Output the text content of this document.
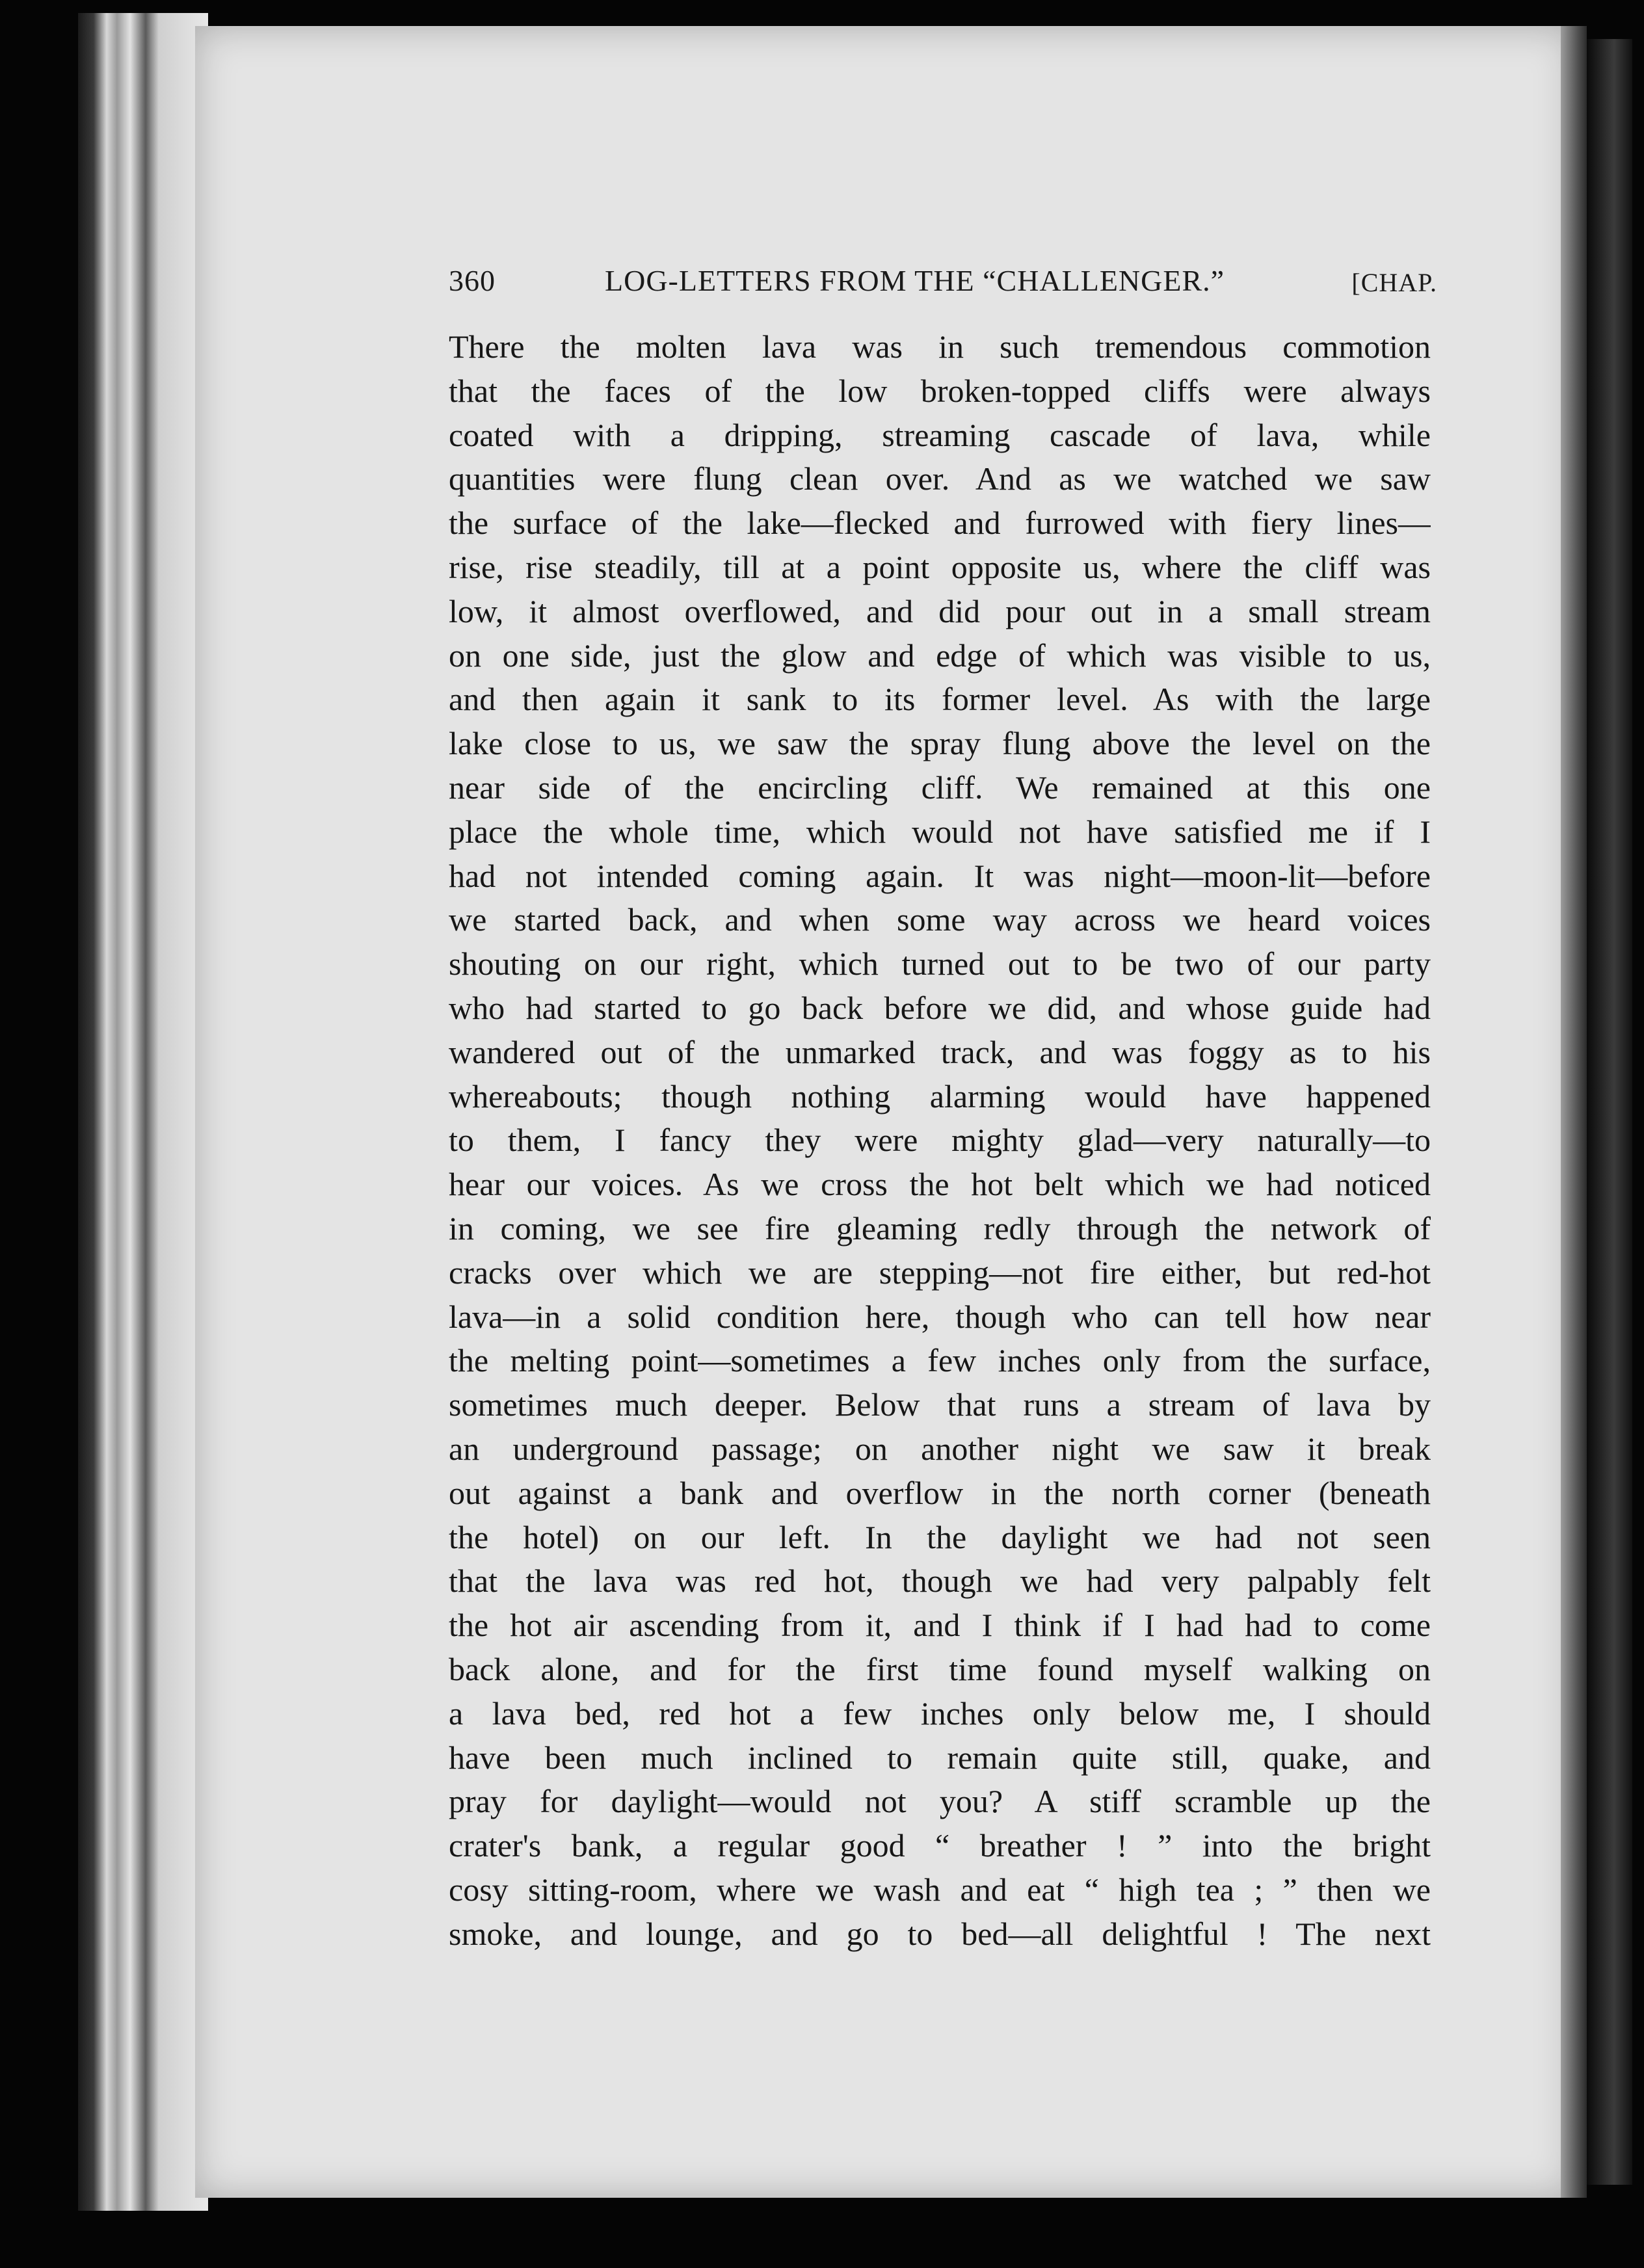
360	LOG-LETTERS FROM THE “CHALLENGER.”	[CHAP.
There the molten lava was in such tremendous commotion
that the faces of the low broken-topped cliffs were always
coated with a dripping, streaming cascade of lava, while
quantities were flung clean over. And as we watched we saw
the surface of the lake—flecked and furrowed with fiery lines—
rise, rise steadily, till at a point opposite us, where the cliff was
low, it almost overflowed, and did pour out in a small stream
on one side, just the glow and edge of which was visible to us,
and then again it sank to its former level. As with the large
lake close to us, we saw the spray flung above the level on the
near side of the encircling cliff. We remained at this one
place the whole time, which would not have satisfied me if I
had not intended coming again. It was night—moon-lit—before
we started back, and when some way across we heard voices
shouting on our right, which turned out to be two of our party
who had started to go back before we did, and whose guide had
wandered out of the unmarked track, and was foggy as to his
whereabouts; though nothing alarming would have happened
to them, I fancy they were mighty glad—very naturally—to
hear our voices. As we cross the hot belt which we had noticed
in coming, we see fire gleaming redly through the network of
cracks over which we are stepping—not fire either, but red-hot
lava—in a solid condition here, though who can tell how near
the melting point—sometimes a few inches only from the surface,
sometimes much deeper. Below that runs a stream of lava by
an underground passage; on another night we saw it break
out against a bank and overflow in the north corner (beneath
the hotel) on our left. In the daylight we had not seen
that the lava was red hot, though we had very palpably felt
the hot air ascending from it, and I think if I had had to come
back alone, and for the first time found myself walking on
a lava bed, red hot a few inches only below me, I should
have been much inclined to remain quite still, quake, and
pray for daylight—would not you? A stiff scramble up the
crater's bank, a regular good “ breather ! ” into the bright
cosy sitting-room, where we wash and eat “ high tea ; ” then we
smoke, and lounge, and go to bed—all delightful ! The next
